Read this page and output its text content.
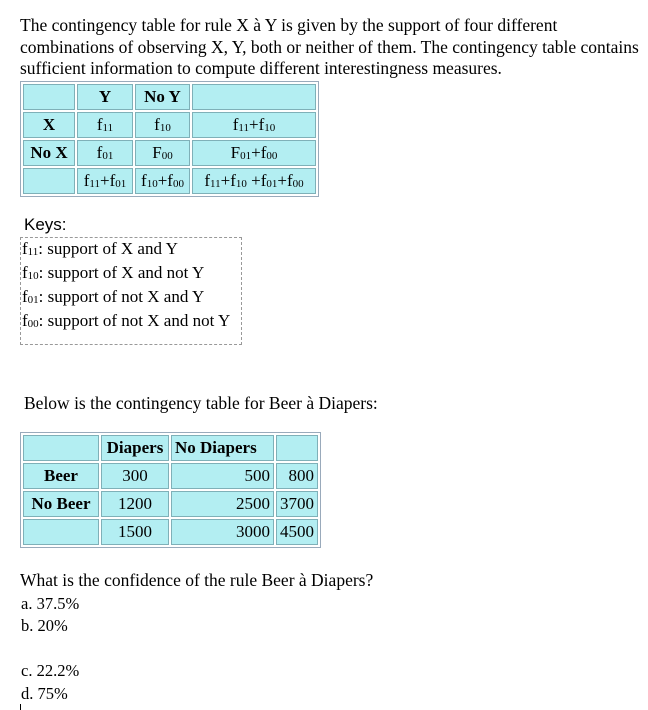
The contingency table for rule X à Y is given by the support of four different combinations of observing X, Y, both or neither of them. The contingency table contains sufficient information to compute different interestingness measures.
	Y	No Y	
X	f11	f10	f11+f10
No X	f01	F00	F01+f00
	f11+f01	f10+f00	f11+f10 +f01+f00
Keys:
f11: support of X and Y
f10: support of X and not Y
f01: support of not X and Y
f00: support of not X and not Y
Below is the contingency table for Beer à Diapers:
	Diapers	No Diapers	
Beer	300	500	800
No Beer	1200	2500	3700
	1500	3000	4500
What is the confidence of the rule Beer à Diapers?
a. 37.5%
b. 20%
c. 22.2%
d. 75%
